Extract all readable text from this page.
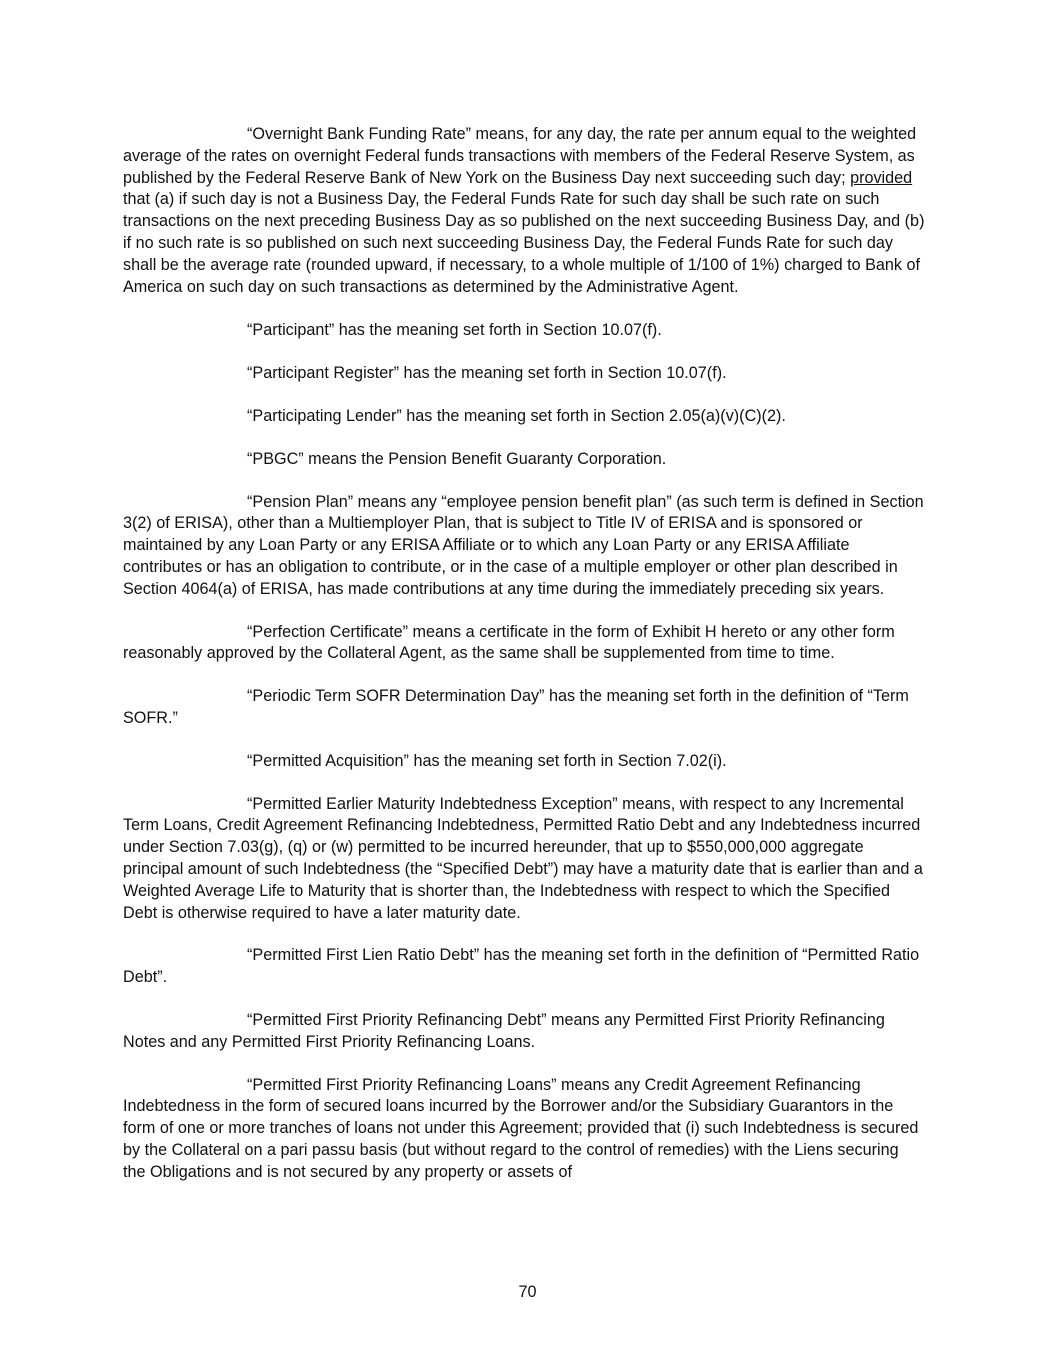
“Overnight Bank Funding Rate” means, for any day, the rate per annum equal to the weighted average of the rates on overnight Federal funds transactions with members of the Federal Reserve System, as published by the Federal Reserve Bank of New York on the Business Day next succeeding such day; provided that (a) if such day is not a Business Day, the Federal Funds Rate for such day shall be such rate on such transactions on the next preceding Business Day as so published on the next succeeding Business Day, and (b) if no such rate is so published on such next succeeding Business Day, the Federal Funds Rate for such day shall be the average rate (rounded upward, if necessary, to a whole multiple of 1/100 of 1%) charged to Bank of America on such day on such transactions as determined by the Administrative Agent.

“Participant” has the meaning set forth in Section 10.07(f).

“Participant Register” has the meaning set forth in Section 10.07(f).

“Participating Lender” has the meaning set forth in Section 2.05(a)(v)(C)(2).

“PBGC” means the Pension Benefit Guaranty Corporation.

“Pension Plan” means any “employee pension benefit plan” (as such term is defined in Section 3(2) of ERISA), other than a Multiemployer Plan, that is subject to Title IV of ERISA and is sponsored or maintained by any Loan Party or any ERISA Affiliate or to which any Loan Party or any ERISA Affiliate contributes or has an obligation to contribute, or in the case of a multiple employer or other plan described in Section 4064(a) of ERISA, has made contributions at any time during the immediately preceding six years.

“Perfection Certificate” means a certificate in the form of Exhibit H hereto or any other form reasonably approved by the Collateral Agent, as the same shall be supplemented from time to time.

“Periodic Term SOFR Determination Day” has the meaning set forth in the definition of “Term SOFR.”

“Permitted Acquisition” has the meaning set forth in Section 7.02(i).

“Permitted Earlier Maturity Indebtedness Exception” means, with respect to any Incremental Term Loans, Credit Agreement Refinancing Indebtedness, Permitted Ratio Debt and any Indebtedness incurred under Section 7.03(g), (q) or (w) permitted to be incurred hereunder, that up to $550,000,000 aggregate principal amount of such Indebtedness (the “Specified Debt”) may have a maturity date that is earlier than and a Weighted Average Life to Maturity that is shorter than, the Indebtedness with respect to which the Specified Debt is otherwise required to have a later maturity date.

“Permitted First Lien Ratio Debt” has the meaning set forth in the definition of “Permitted Ratio Debt”.

“Permitted First Priority Refinancing Debt” means any Permitted First Priority Refinancing Notes and any Permitted First Priority Refinancing Loans.

“Permitted First Priority Refinancing Loans” means any Credit Agreement Refinancing Indebtedness in the form of secured loans incurred by the Borrower and/or the Subsidiary Guarantors in the form of one or more tranches of loans not under this Agreement; provided that (i) such Indebtedness is secured by the Collateral on a pari passu basis (but without regard to the control of remedies) with the Liens securing the Obligations and is not secured by any property or assets of

70
